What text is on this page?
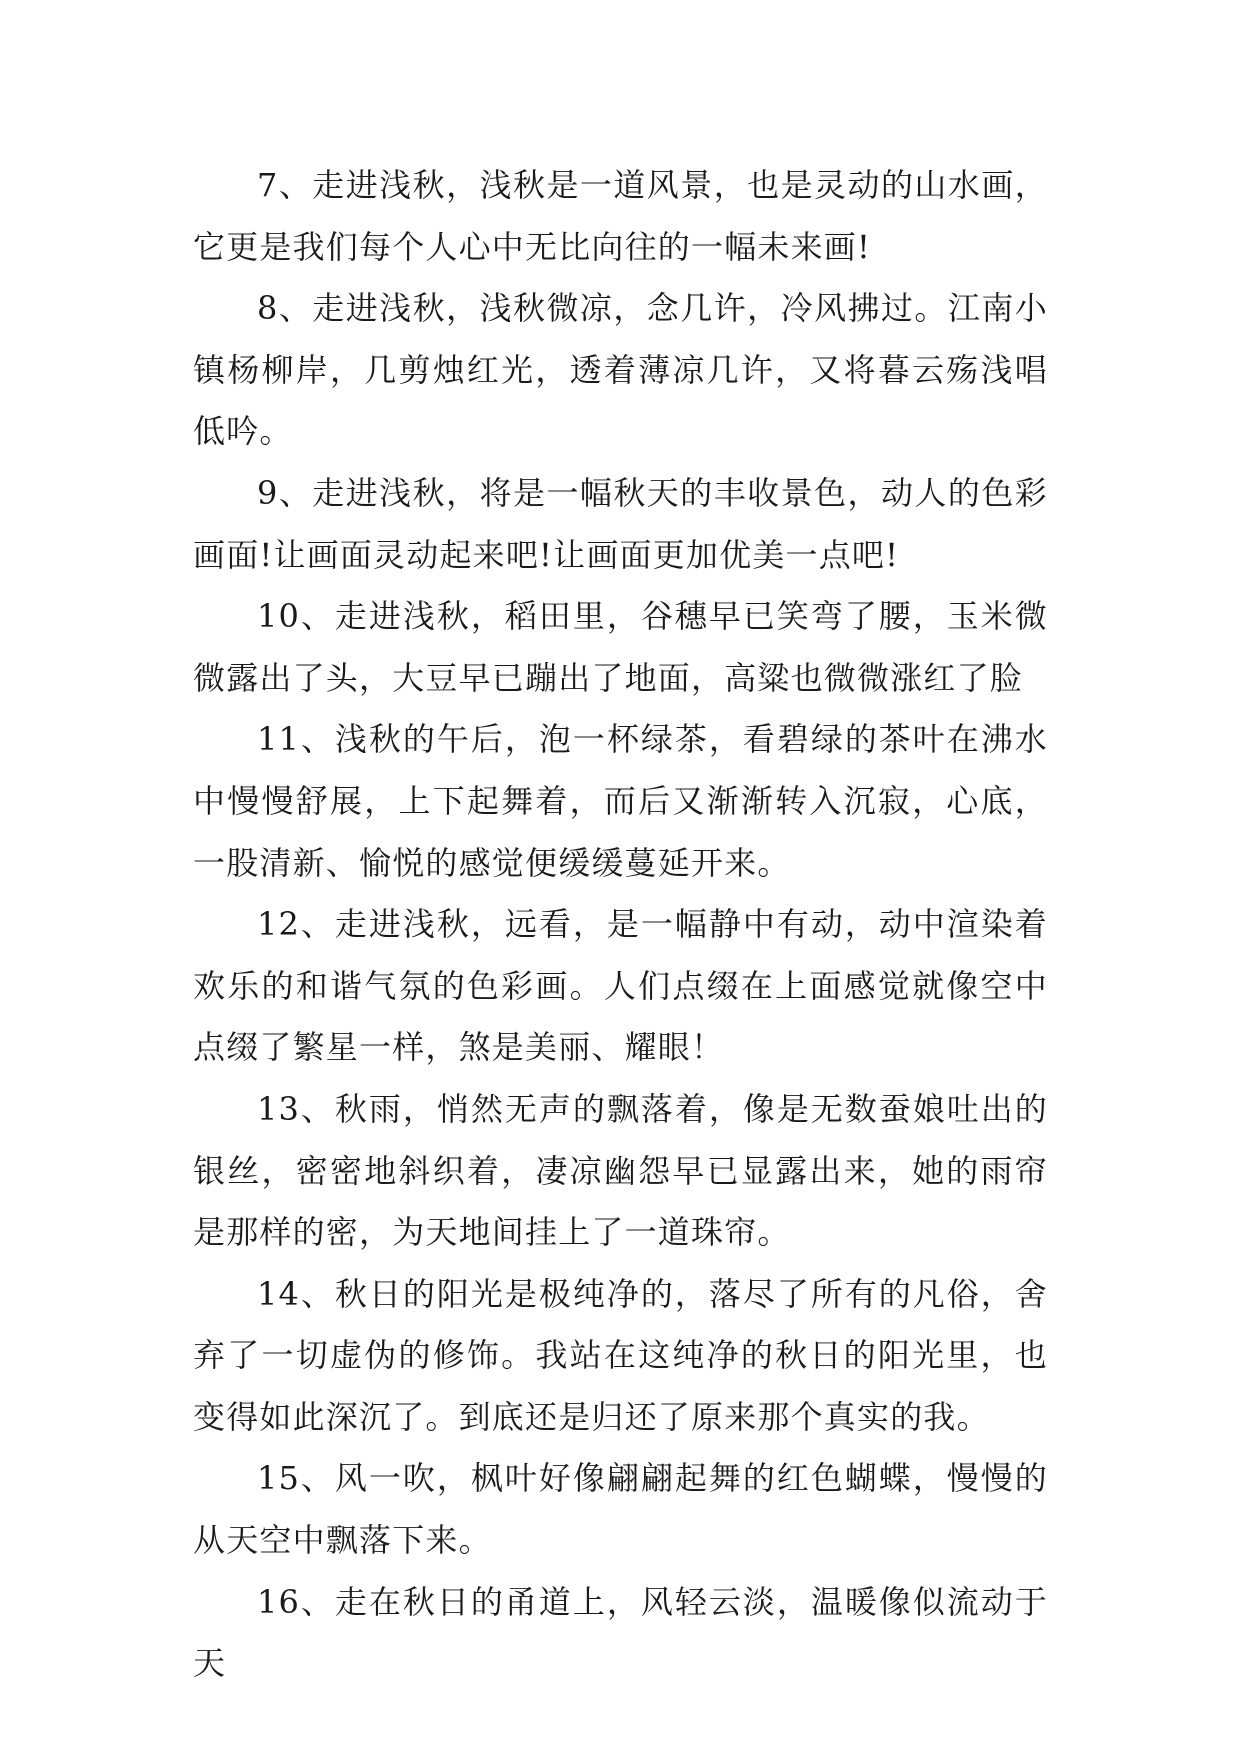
7、走进浅秋，浅秋是一道风景，也是灵动的山水画，它更是我们每个人心中无比向往的一幅未来画!

8、走进浅秋，浅秋微凉，念几许，冷风拂过。江南小镇杨柳岸，几剪烛红光，透着薄凉几许，又将暮云殇浅唱低吟。

9、走进浅秋，将是一幅秋天的丰收景色，动人的色彩画面!让画面灵动起来吧!让画面更加优美一点吧!

10、走进浅秋，稻田里，谷穗早已笑弯了腰，玉米微微露出了头，大豆早已蹦出了地面，高粱也微微涨红了脸

11、浅秋的午后，泡一杯绿茶，看碧绿的茶叶在沸水中慢慢舒展，上下起舞着，而后又渐渐转入沉寂，心底，一股清新、愉悦的感觉便缓缓蔓延开来。

12、走进浅秋，远看，是一幅静中有动，动中渲染着欢乐的和谐气氛的色彩画。人们点缀在上面感觉就像空中点缀了繁星一样，煞是美丽、耀眼！

13、秋雨，悄然无声的飘落着，像是无数蚕娘吐出的银丝，密密地斜织着，凄凉幽怨早已显露出来，她的雨帘是那样的密，为天地间挂上了一道珠帘。

14、秋日的阳光是极纯净的，落尽了所有的凡俗，舍弃了一切虚伪的修饰。我站在这纯净的秋日的阳光里，也变得如此深沉了。到底还是归还了原来那个真实的我。

15、风一吹，枫叶好像翩翩起舞的红色蝴蝶，慢慢的从天空中飘落下来。

16、走在秋日的甬道上，风轻云淡，温暖像似流动于天
